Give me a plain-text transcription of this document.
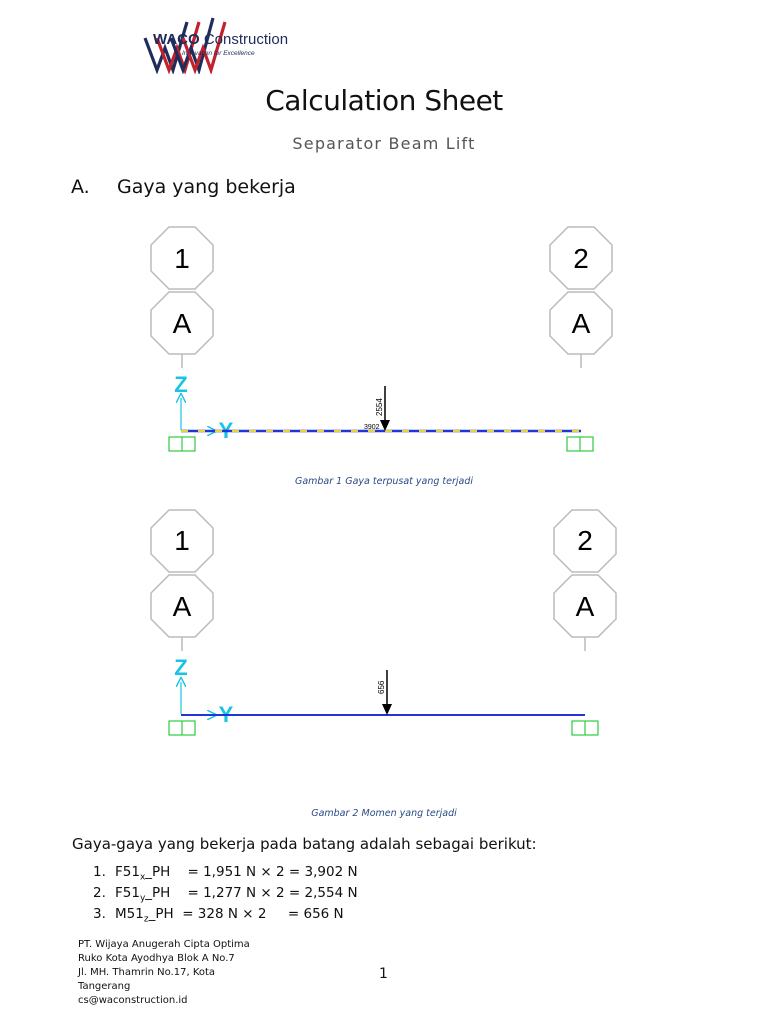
WACO Construction
Innovation for Excellence
Calculation Sheet
Separator Beam Lift
A. Gaya yang bekerja
1
A
2
A
Z
Y
2554
3902
Gambar 1 Gaya terpusat yang terjadi
1
A
2
A
Z
Y
656
Gambar 2 Momen yang terjadi
Gaya-gaya yang bekerja pada batang adalah sebagai berikut:
1. $F51_x\_PH$    = 1,951 N × 2 = 3,902 N
2. $F51_y\_PH$    = 1,277 N × 2 = 2,554 N
3. $M51_z\_PH = 328$ N × 2     = 656 N
PT. Wijaya Anugerah Cipta Optima
Ruko Kota Ayodhya Blok A No.7
Jl. MH. Thamrin No.17, Kota
Tangerang
cs@waconstruction.id
1
